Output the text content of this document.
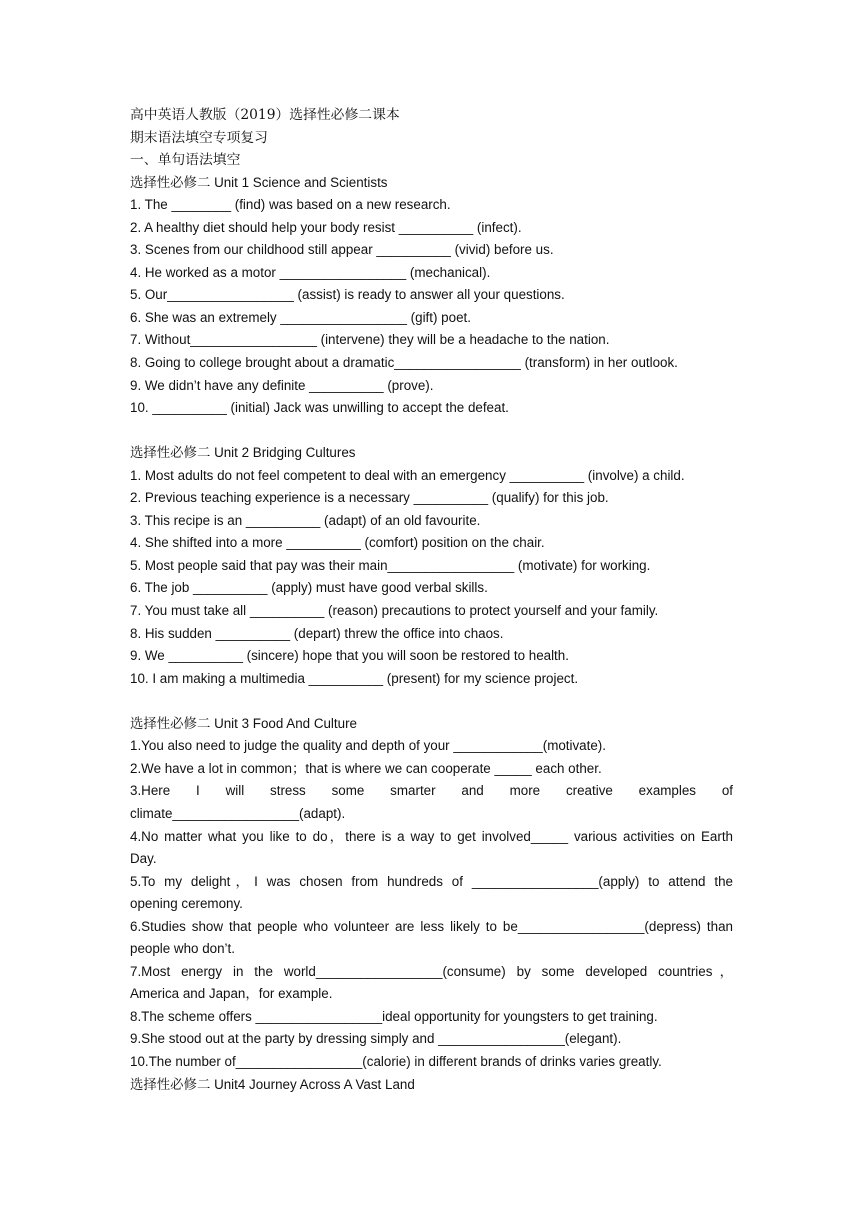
高中英语人教版（2019）选择性必修二课本
期末语法填空专项复习
一、单句语法填空
选择性必修二 Unit 1 Science and Scientists
1. The ________ (find) was based on a new research.
2. A healthy diet should help your body resist __________ (infect).
3. Scenes from our childhood still appear __________ (vivid) before us.
4. He worked as a motor _________________ (mechanical).
5. Our_________________ (assist) is ready to answer all your questions.
6. She was an extremely _________________ (gift) poet.
7. Without_________________ (intervene) they will be a headache to the nation.
8. Going to college brought about a dramatic_________________ (transform) in her outlook.
9. We didn’t have any definite __________ (prove).
10. __________ (initial) Jack was unwilling to accept the defeat.
选择性必修二 Unit 2 Bridging Cultures
1. Most adults do not feel competent to deal with an emergency __________ (involve) a child.
2. Previous teaching experience is a necessary __________ (qualify) for this job.
3. This recipe is an __________ (adapt) of an old favourite.
4. She shifted into a more __________ (comfort) position on the chair.
5. Most people said that pay was their main_________________ (motivate) for working.
6. The job __________ (apply) must have good verbal skills.
7. You must take all __________ (reason) precautions to protect yourself and your family.
8. His sudden __________ (depart) threw the office into chaos.
9. We __________ (sincere) hope that you will soon be restored to health.
10. I am making a multimedia __________ (present) for my science project.
选择性必修二 Unit 3 Food And Culture
1.You also need to judge the quality and depth of your ____________(motivate).
2.We have a lot in common；that is where we can cooperate _____ each other.
3.Here I will stress some smarter and more creative examples of
climate_________________(adapt).
4.No matter what you like to do，there is a way to get involved_____ various activities on Earth
Day.
5.To my delight，I was chosen from hundreds of _________________(apply) to attend the
opening ceremony.
6.Studies show that people who volunteer are less likely to be_________________(depress) than
people who don’t.
7.Most energy in the world_________________(consume) by some developed countries，
America and Japan，for example.
8.The scheme offers _________________ideal opportunity for youngsters to get training.
9.She stood out at the party by dressing simply and _________________(elegant).
10.The number of_________________(calorie) in different brands of drinks varies greatly.
选择性必修二 Unit4 Journey Across A Vast Land
